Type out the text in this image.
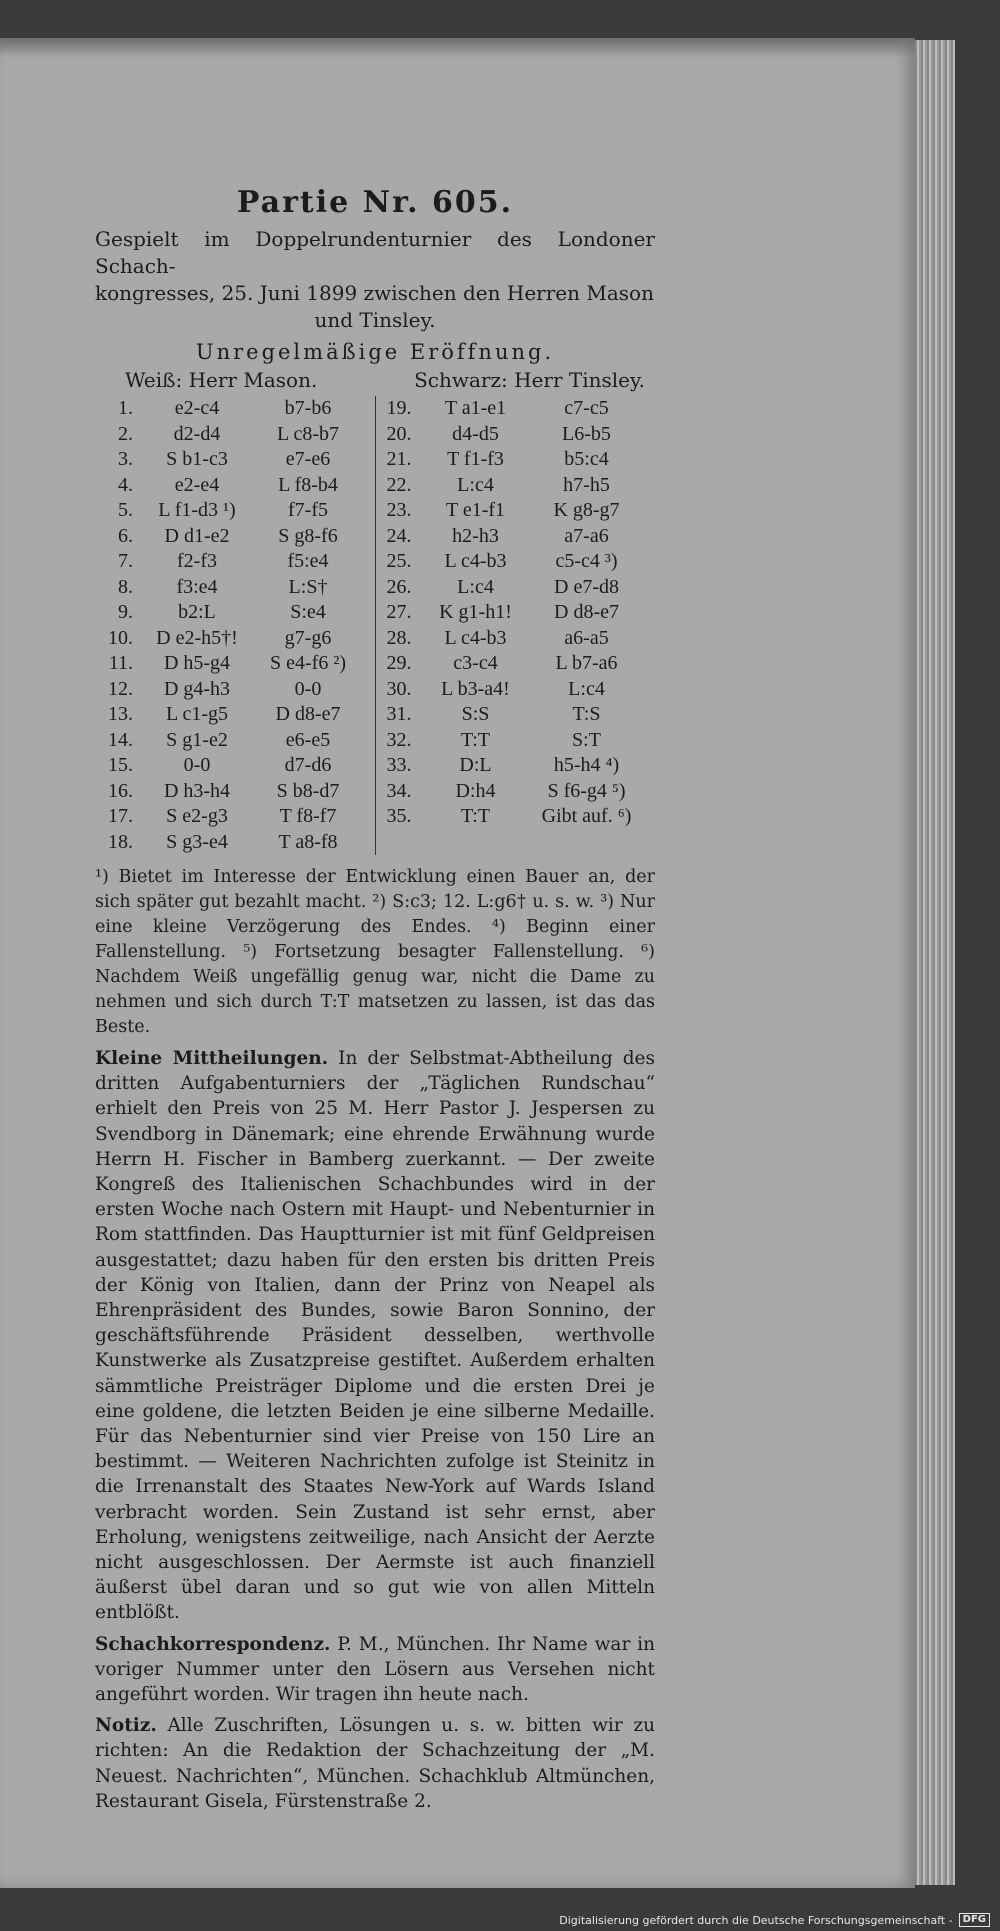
Partie Nr. 605.
Gespielt im Doppelrundenturnier des Londoner Schach-
kongresses, 25. Juni 1899 zwischen den Herren Mason
und Tinsley.
Unregelmäßige Eröffnung.
Weiß: Herr Mason.	Schwarz: Herr Tinsley.
1.	e2-c4	b7-b6
2.	d2-d4	L c8-b7
3.	S b1-c3	e7-e6
4.	e2-e4	L f8-b4
5.	L f1-d3 ¹)	f7-f5
6.	D d1-e2	S g8-f6
7.	f2-f3	f5:e4
8.	f3:e4	L:S†
9.	b2:L	S:e4
10.	D e2-h5†!	g7-g6
11.	D h5-g4	S e4-f6 ²)
12.	D g4-h3	0-0
13.	L c1-g5	D d8-e7
14.	S g1-e2	e6-e5
15.	0-0	d7-d6
16.	D h3-h4	S b8-d7
17.	S e2-g3	T f8-f7
18.	S g3-e4	T a8-f8
19.	T a1-e1	c7-c5
20.	d4-d5	L6-b5
21.	T f1-f3	b5:c4
22.	L:c4	h7-h5
23.	T e1-f1	K g8-g7
24.	h2-h3	a7-a6
25.	L c4-b3	c5-c4 ³)
26.	L:c4	D e7-d8
27.	K g1-h1!	D d8-e7
28.	L c4-b3	a6-a5
29.	c3-c4	L b7-a6
30.	L b3-a4!	L:c4
31.	S:S	T:S
32.	T:T	S:T
33.	D:L	h5-h4 ⁴)
34.	D:h4	S f6-g4 ⁵)
35.	T:T	Gibt auf. ⁶)
¹) Bietet im Interesse der Entwicklung einen Bauer an, der sich später gut bezahlt macht. ²) S:c3; 12. L:g6† u. s. w. ³) Nur eine kleine Verzögerung des Endes. ⁴) Beginn einer Fallenstellung. ⁵) Fortsetzung besagter Fallenstellung. ⁶) Nachdem Weiß ungefällig genug war, nicht die Dame zu nehmen und sich durch T:T matsetzen zu lassen, ist das das Beste.
Kleine Mittheilungen. In der Selbstmat-Abtheilung des dritten Aufgabenturniers der „Täglichen Rundschau“ erhielt den Preis von 25 M. Herr Pastor J. Jespersen zu Svendborg in Dänemark; eine ehrende Erwähnung wurde Herrn H. Fischer in Bamberg zuerkannt. — Der zweite Kongreß des Italienischen Schachbundes wird in der ersten Woche nach Ostern mit Haupt- und Nebenturnier in Rom stattfinden. Das Hauptturnier ist mit fünf Geldpreisen ausgestattet; dazu haben für den ersten bis dritten Preis der König von Italien, dann der Prinz von Neapel als Ehrenpräsident des Bundes, sowie Baron Sonnino, der geschäftsführende Präsident desselben, werthvolle Kunstwerke als Zusatzpreise gestiftet. Außerdem erhalten sämmtliche Preisträger Diplome und die ersten Drei je eine goldene, die letzten Beiden je eine silberne Medaille. Für das Nebenturnier sind vier Preise von 150 Lire an bestimmt. — Weiteren Nachrichten zufolge ist Steinitz in die Irrenanstalt des Staates New-York auf Wards Island verbracht worden. Sein Zustand ist sehr ernst, aber Erholung, wenigstens zeitweilige, nach Ansicht der Aerzte nicht ausgeschlossen. Der Aermste ist auch finanziell äußerst übel daran und so gut wie von allen Mitteln entblößt.
Schachkorrespondenz. P. M., München. Ihr Name war in voriger Nummer unter den Lösern aus Versehen nicht angeführt worden. Wir tragen ihn heute nach.
Notiz. Alle Zuschriften, Lösungen u. s. w. bitten wir zu richten: An die Redaktion der Schachzeitung der „M. Neuest. Nachrichten“, München. Schachklub Altmünchen, Restaurant Gisela, Fürstenstraße 2.
Digitalisierung gefördert durch die Deutsche Forschungsgemeinschaft -	DFG
